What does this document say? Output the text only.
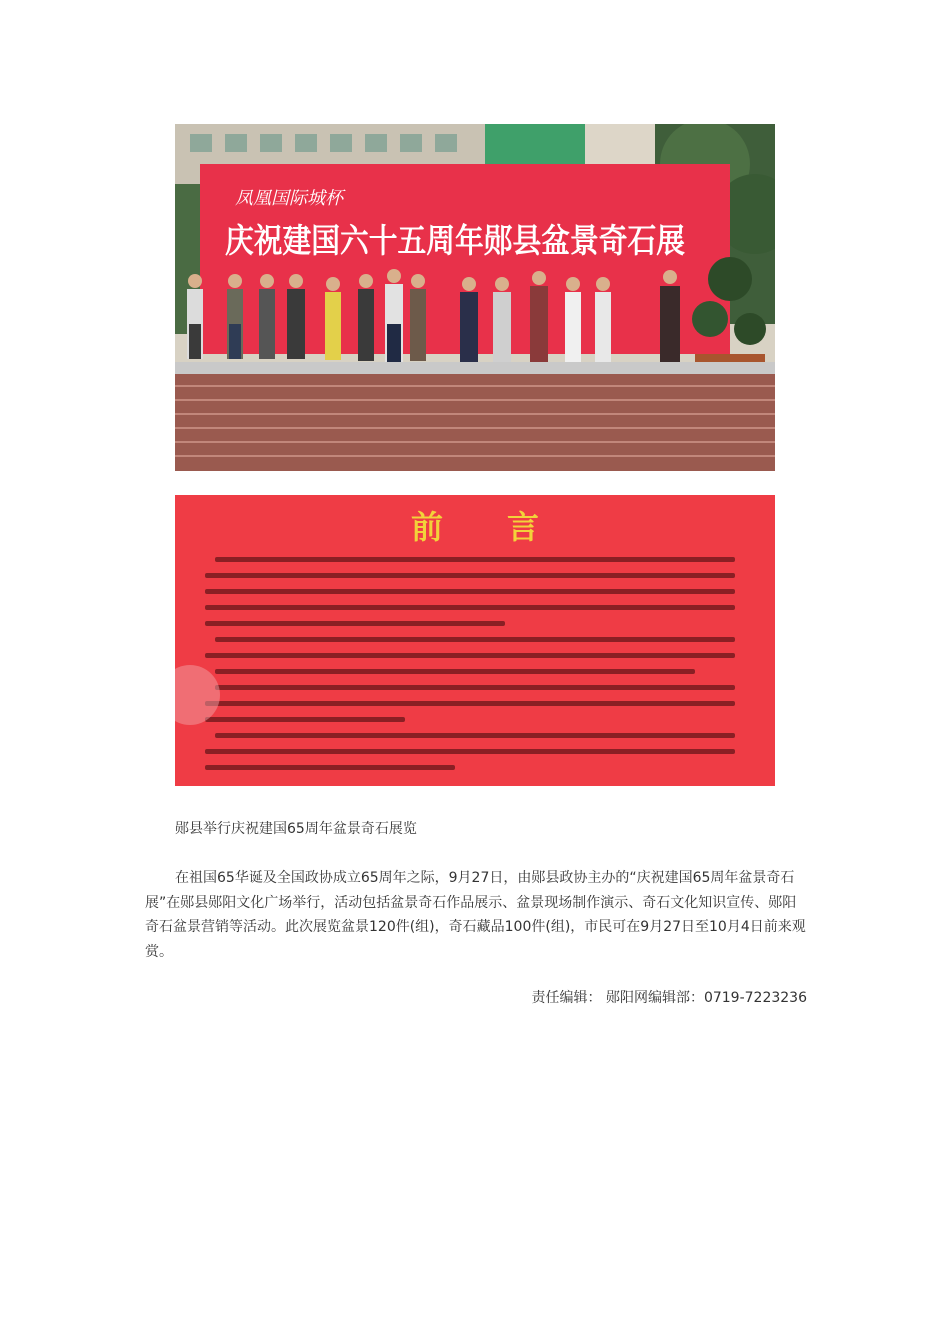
凤凰国际城杯
庆祝建国六十五周年郧县盆景奇石展
前　　言
郧县举行庆祝建国65周年盆景奇石展览

在祖国65华诞及全国政协成立65周年之际，9月27日，由郧县政协主办的“庆祝建国65周年盆景奇石展”在郧县郧阳文化广场举行，活动包括盆景奇石作品展示、盆景现场制作演示、奇石文化知识宣传、郧阳奇石盆景营销等活动。此次展览盆景120件(组)，奇石藏品100件(组)，市民可在9月27日至10月4日前来观赏。

责任编辑： 郧阳网编辑部：0719-7223236
